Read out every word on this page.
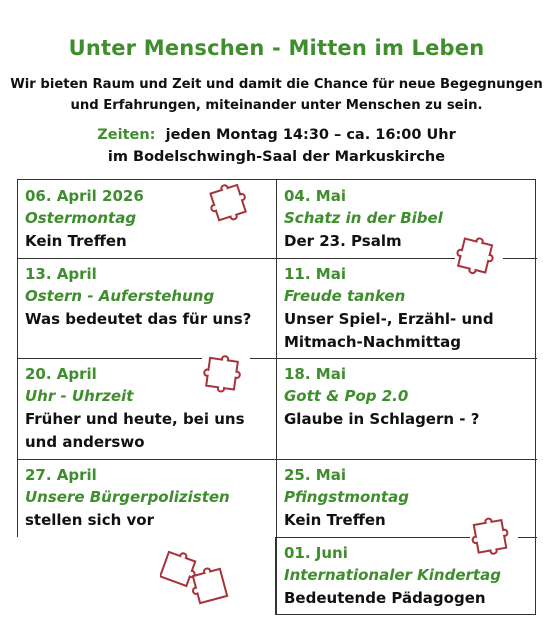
Unter Menschen - Mitten im Leben
Wir bieten Raum und Zeit und damit die Chance für neue Begegnungen
und Erfahrungen, miteinander unter Menschen zu sein.
Zeiten: jeden Montag 14:30 – ca. 16:00 Uhr
im Bodelschwingh-Saal der Markuskirche
06. April 2026
Ostermontag
Kein Treffen
13. April
Ostern - Auferstehung
Was bedeutet das für uns?
20. April
Uhr - Uhrzeit
Früher und heute, bei uns und anderswo
27. April
Unsere Bürgerpolizisten
stellen sich vor
04. Mai
Schatz in der Bibel
Der 23. Psalm
11. Mai
Freude tanken
Unser Spiel-, Erzähl- und Mitmach-Nachmittag
18. Mai
Gott & Pop 2.0
Glaube in Schlagern - ?
25. Mai
Pfingstmontag
Kein Treffen
01. Juni
Internationaler Kindertag
Bedeutende Pädagogen
